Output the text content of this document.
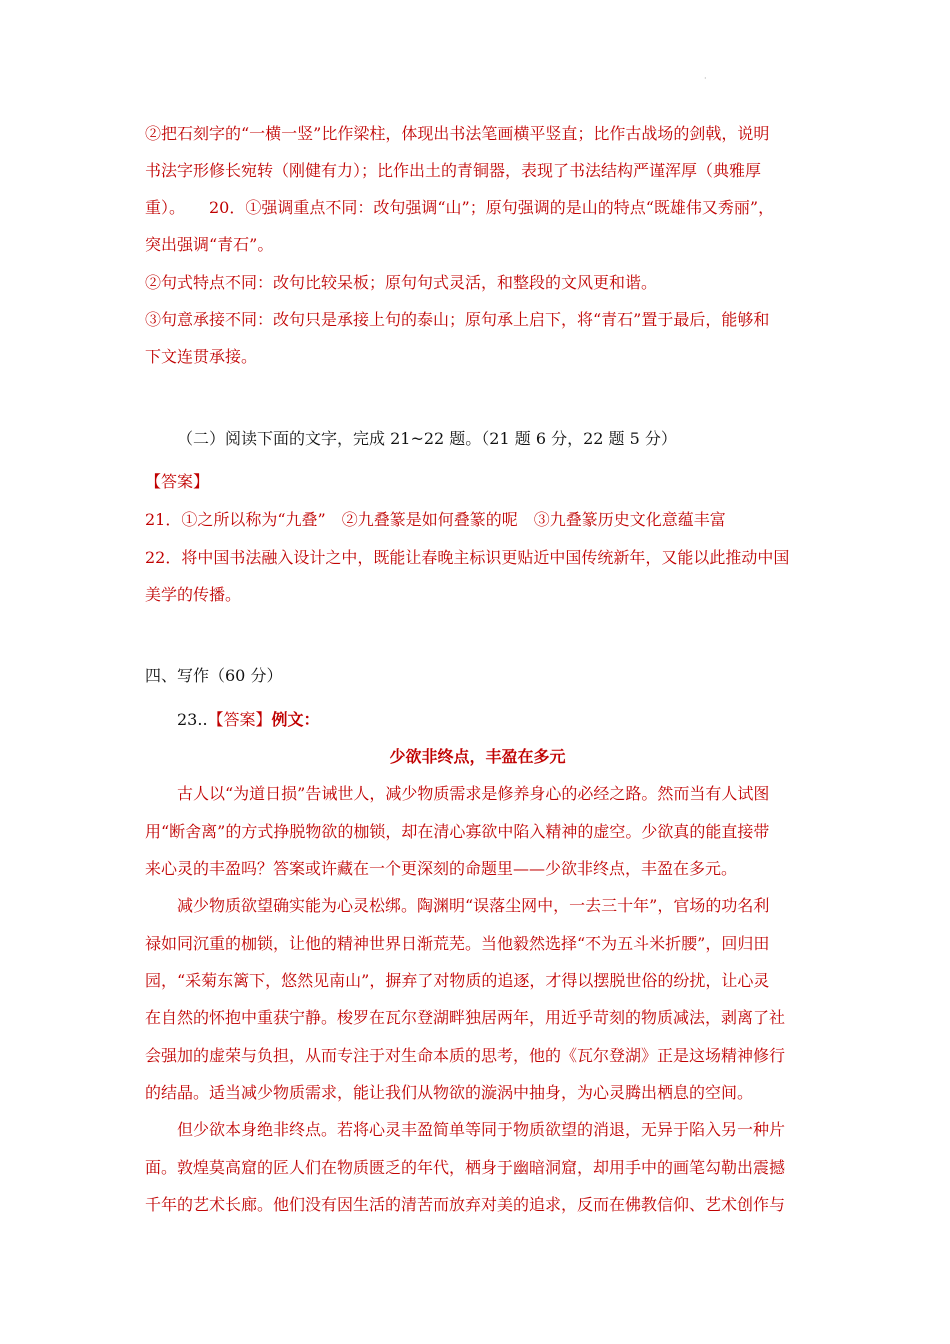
·
②把石刻字的“一横一竖”比作梁柱，体现出书法笔画横平竖直；比作古战场的剑戟，说明
书法字形修长宛转（刚健有力）；比作出土的青铜器，表现了书法结构严谨浑厚（典雅厚
重）。　　20．①强调重点不同：改句强调“山”；原句强调的是山的特点“既雄伟又秀丽”，
突出强调“青石”。
②句式特点不同：改句比较呆板；原句句式灵活，和整段的文风更和谐。
③句意承接不同：改句只是承接上句的泰山；原句承上启下，将“青石”置于最后，能够和
下文连贯承接。
（二）阅读下面的文字，完成 21~22 题。（21 题 6 分，22 题 5 分）
【答案】
21．①之所以称为“九叠”　②九叠篆是如何叠篆的呢　③九叠篆历史文化意蕴丰富
22．将中国书法融入设计之中，既能让春晚主标识更贴近中国传统新年，又能以此推动中国
美学的传播。
四、写作（60 分）
23..【答案】例文：
少欲非终点，丰盈在多元
古人以“为道日损”告诫世人，减少物质需求是修养身心的必经之路。然而当有人试图
用“断舍离”的方式挣脱物欲的枷锁，却在清心寡欲中陷入精神的虚空。少欲真的能直接带
来心灵的丰盈吗？答案或许藏在一个更深刻的命题里——少欲非终点，丰盈在多元。
减少物质欲望确实能为心灵松绑。陶渊明“误落尘网中，一去三十年”，官场的功名利
禄如同沉重的枷锁，让他的精神世界日渐荒芜。当他毅然选择“不为五斗米折腰”，回归田
园，“采菊东篱下，悠然见南山”，摒弃了对物质的追逐，才得以摆脱世俗的纷扰，让心灵
在自然的怀抱中重获宁静。梭罗在瓦尔登湖畔独居两年，用近乎苛刻的物质减法，剥离了社
会强加的虚荣与负担，从而专注于对生命本质的思考，他的《瓦尔登湖》正是这场精神修行
的结晶。适当减少物质需求，能让我们从物欲的漩涡中抽身，为心灵腾出栖息的空间。
但少欲本身绝非终点。若将心灵丰盈简单等同于物质欲望的消退，无异于陷入另一种片
面。敦煌莫高窟的匠人们在物质匮乏的年代，栖身于幽暗洞窟，却用手中的画笔勾勒出震撼
千年的艺术长廊。他们没有因生活的清苦而放弃对美的追求，反而在佛教信仰、艺术创作与
